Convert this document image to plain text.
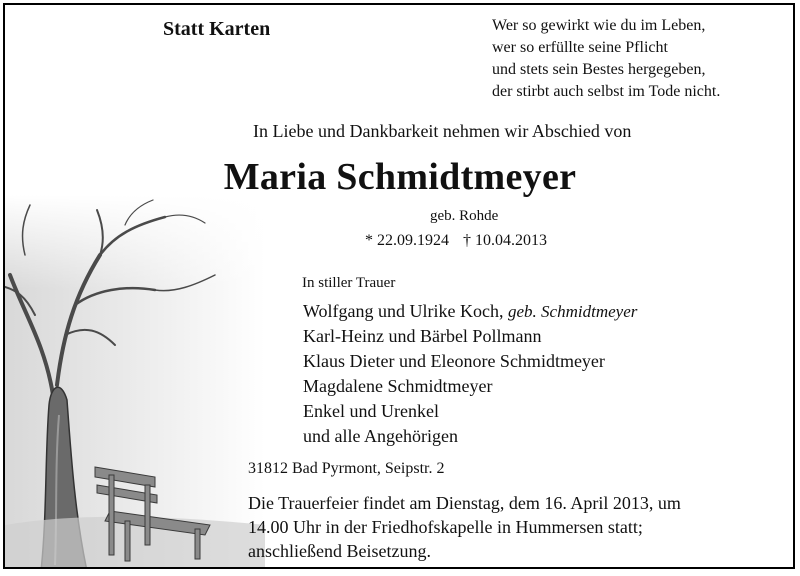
Statt Karten	Wer so gewirkt wie du im Leben,
wer so erfüllte seine Pflicht
und stets sein Bestes hergegeben,
der stirbt auch selbst im Tode nicht.
In Liebe und Dankbarkeit nehmen wir Abschied von
Maria Schmidtmeyer
geb. Rohde
* 22.09.1924 † 10.04.2013
In stiller Trauer
Wolfgang und Ulrike Koch, geb. Schmidtmeyer
Karl-Heinz und Bärbel Pollmann
Klaus Dieter und Eleonore Schmidtmeyer
Magdalene Schmidtmeyer
Enkel und Urenkel
und alle Angehörigen
31812 Bad Pyrmont, Seipstr. 2
Die Trauerfeier findet am Dienstag, dem 16. April 2013, um
14.00 Uhr in der Friedhofskapelle in Hummersen statt;
anschließend Beisetzung.
